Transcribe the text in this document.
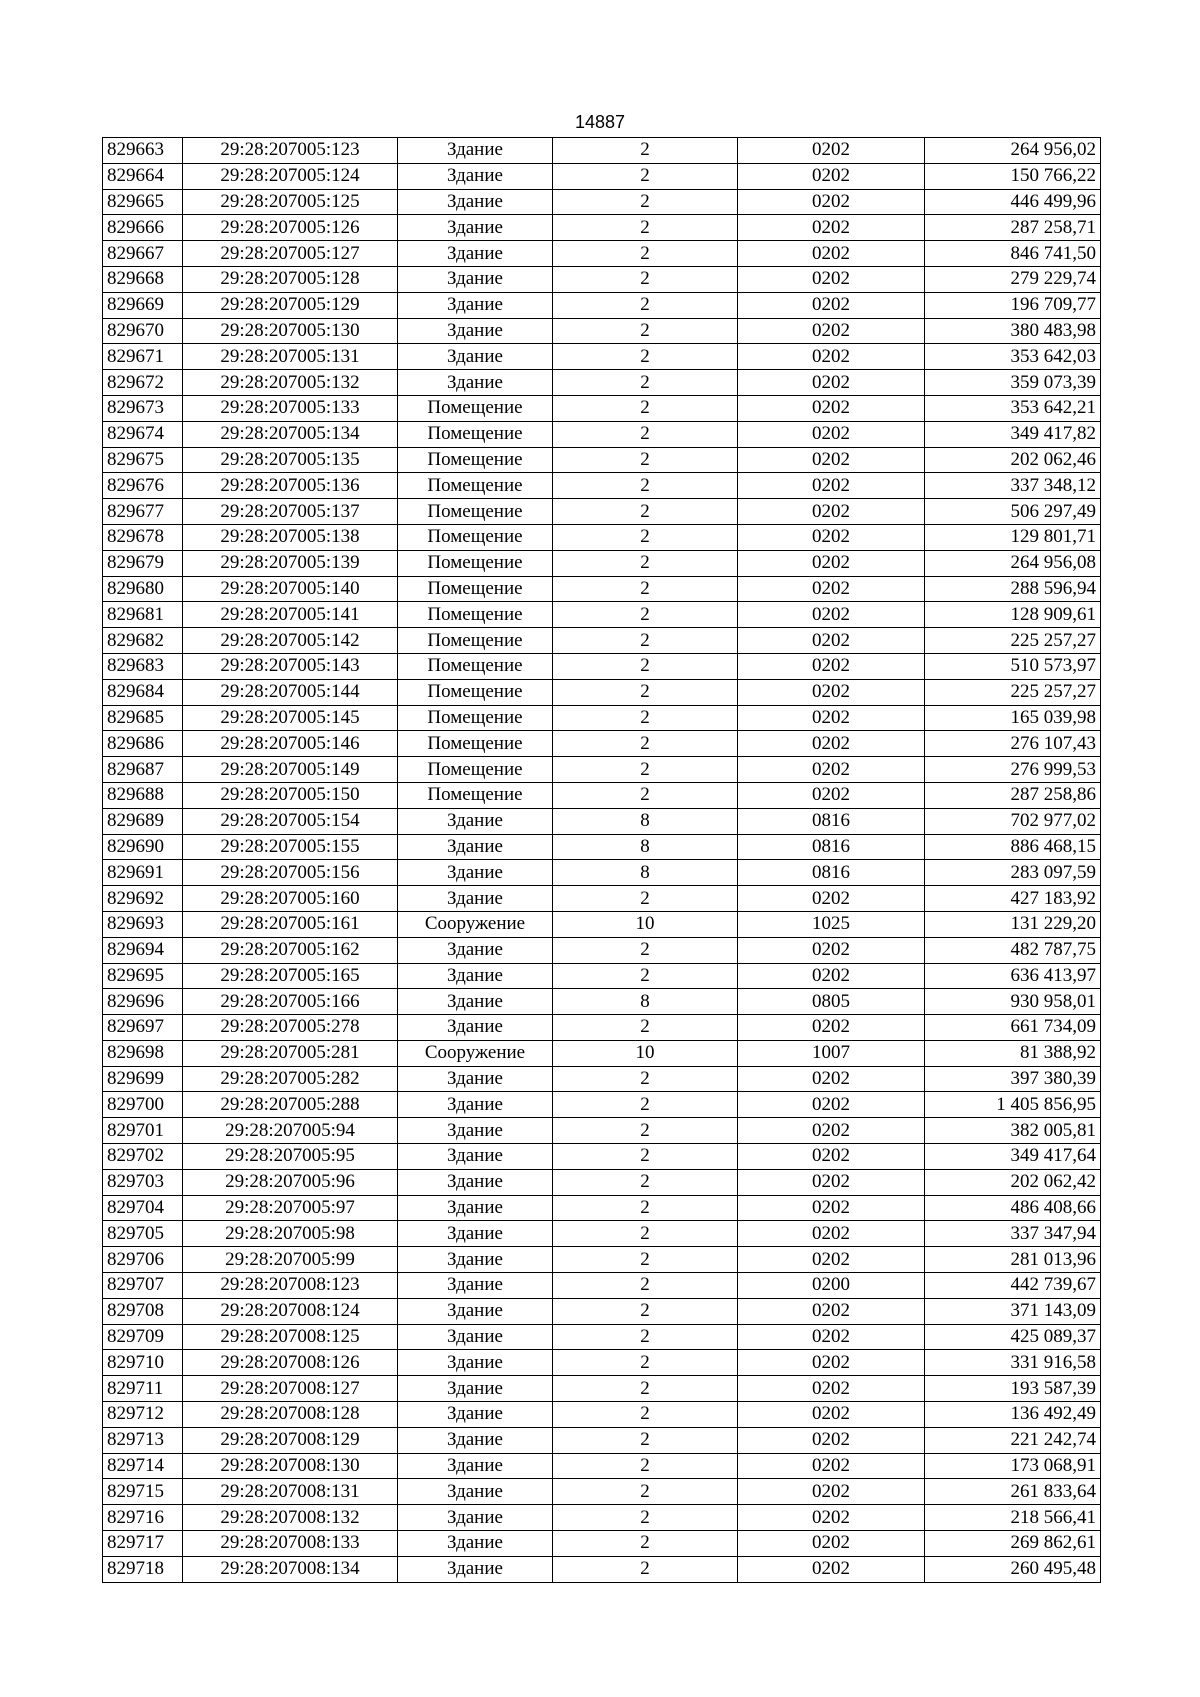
14887
829663	29:28:207005:123	Здание	2	0202	264 956,02
829664	29:28:207005:124	Здание	2	0202	150 766,22
829665	29:28:207005:125	Здание	2	0202	446 499,96
829666	29:28:207005:126	Здание	2	0202	287 258,71
829667	29:28:207005:127	Здание	2	0202	846 741,50
829668	29:28:207005:128	Здание	2	0202	279 229,74
829669	29:28:207005:129	Здание	2	0202	196 709,77
829670	29:28:207005:130	Здание	2	0202	380 483,98
829671	29:28:207005:131	Здание	2	0202	353 642,03
829672	29:28:207005:132	Здание	2	0202	359 073,39
829673	29:28:207005:133	Помещение	2	0202	353 642,21
829674	29:28:207005:134	Помещение	2	0202	349 417,82
829675	29:28:207005:135	Помещение	2	0202	202 062,46
829676	29:28:207005:136	Помещение	2	0202	337 348,12
829677	29:28:207005:137	Помещение	2	0202	506 297,49
829678	29:28:207005:138	Помещение	2	0202	129 801,71
829679	29:28:207005:139	Помещение	2	0202	264 956,08
829680	29:28:207005:140	Помещение	2	0202	288 596,94
829681	29:28:207005:141	Помещение	2	0202	128 909,61
829682	29:28:207005:142	Помещение	2	0202	225 257,27
829683	29:28:207005:143	Помещение	2	0202	510 573,97
829684	29:28:207005:144	Помещение	2	0202	225 257,27
829685	29:28:207005:145	Помещение	2	0202	165 039,98
829686	29:28:207005:146	Помещение	2	0202	276 107,43
829687	29:28:207005:149	Помещение	2	0202	276 999,53
829688	29:28:207005:150	Помещение	2	0202	287 258,86
829689	29:28:207005:154	Здание	8	0816	702 977,02
829690	29:28:207005:155	Здание	8	0816	886 468,15
829691	29:28:207005:156	Здание	8	0816	283 097,59
829692	29:28:207005:160	Здание	2	0202	427 183,92
829693	29:28:207005:161	Сооружение	10	1025	131 229,20
829694	29:28:207005:162	Здание	2	0202	482 787,75
829695	29:28:207005:165	Здание	2	0202	636 413,97
829696	29:28:207005:166	Здание	8	0805	930 958,01
829697	29:28:207005:278	Здание	2	0202	661 734,09
829698	29:28:207005:281	Сооружение	10	1007	81 388,92
829699	29:28:207005:282	Здание	2	0202	397 380,39
829700	29:28:207005:288	Здание	2	0202	1 405 856,95
829701	29:28:207005:94	Здание	2	0202	382 005,81
829702	29:28:207005:95	Здание	2	0202	349 417,64
829703	29:28:207005:96	Здание	2	0202	202 062,42
829704	29:28:207005:97	Здание	2	0202	486 408,66
829705	29:28:207005:98	Здание	2	0202	337 347,94
829706	29:28:207005:99	Здание	2	0202	281 013,96
829707	29:28:207008:123	Здание	2	0200	442 739,67
829708	29:28:207008:124	Здание	2	0202	371 143,09
829709	29:28:207008:125	Здание	2	0202	425 089,37
829710	29:28:207008:126	Здание	2	0202	331 916,58
829711	29:28:207008:127	Здание	2	0202	193 587,39
829712	29:28:207008:128	Здание	2	0202	136 492,49
829713	29:28:207008:129	Здание	2	0202	221 242,74
829714	29:28:207008:130	Здание	2	0202	173 068,91
829715	29:28:207008:131	Здание	2	0202	261 833,64
829716	29:28:207008:132	Здание	2	0202	218 566,41
829717	29:28:207008:133	Здание	2	0202	269 862,61
829718	29:28:207008:134	Здание	2	0202	260 495,48
